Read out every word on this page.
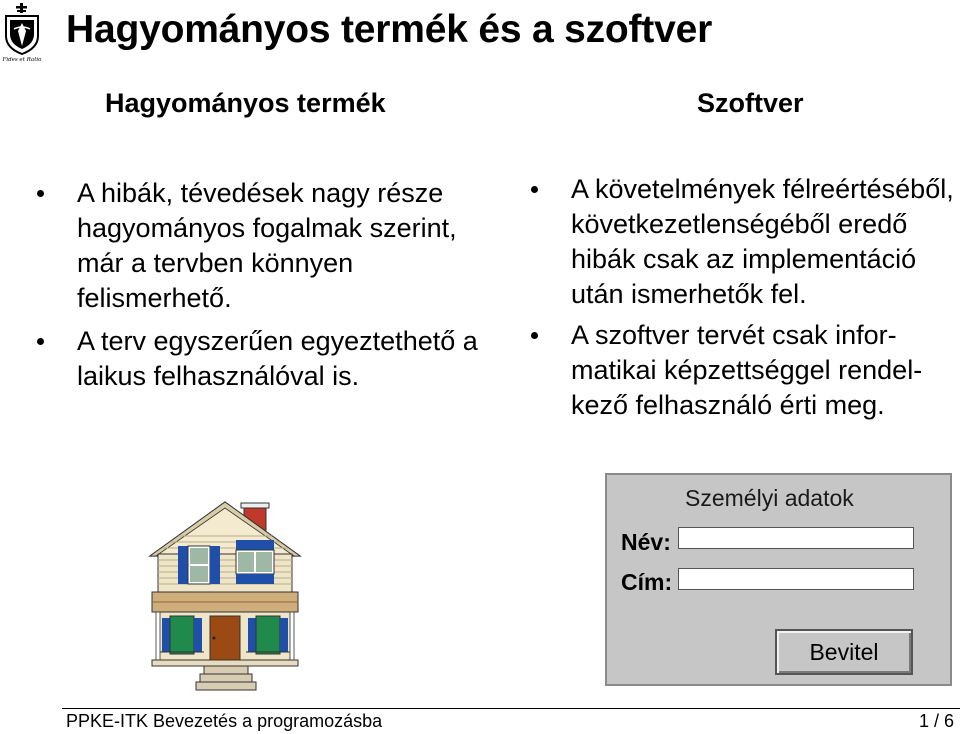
Fides et Ratio
Hagyományos termék és a szoftver
Hagyományos termék	Szoftver
A hibák, tévedések nagy része hagyományos fogalmak szerint, már a tervben könnyen felismerhető.
A terv egyszerűen egyeztethető a laikus felhasználóval is.
A követelmények félreértéséből, következetlenségéből eredő hibák csak az implementáció után ismerhetők fel.
A szoftver tervét csak informatikai képzettséggel rendelkező felhasználó érti meg.
Személyi adatok
Név:
Cím:
Bevitel
PPKE-ITK Bevezetés a programozásba	1 / 6
